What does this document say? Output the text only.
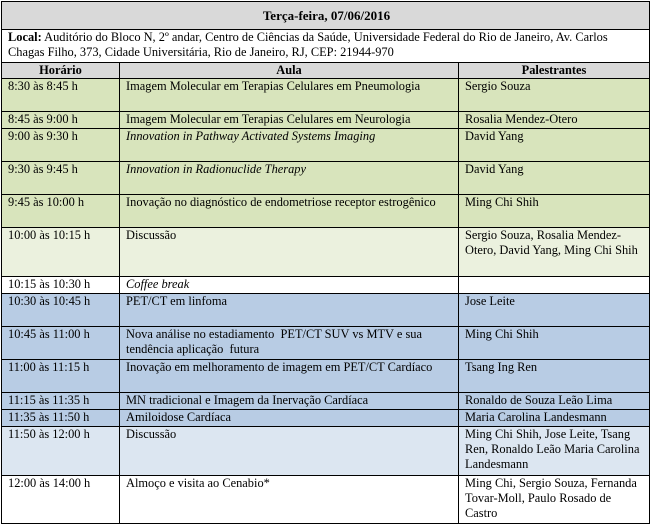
Terça-feira, 07/06/2016		
Local: Auditório do Bloco N, 2º andar, Centro de Ciências da Saúde, Universidade Federal do Rio de Janeiro, Av. Carlos Chagas Filho, 373, Cidade Universitária, Rio de Janeiro, RJ, CEP: 21944-970		
Horário	Aula	Palestrantes
8:30 às 8:45 h	Imagem Molecular em Terapias Celulares em Pneumologia	Sergio Souza
8:45 às 9:00 h	Imagem Molecular em Terapias Celulares em Neurologia	Rosalia Mendez-Otero
9:00 às 9:30 h	Innovation in Pathway Activated Systems Imaging	David Yang
9:30 às 9:45 h	Innovation in Radionuclide Therapy	David Yang
9:45 às 10:00 h	Inovação no diagnóstico de endometriose receptor estrogênico	Ming Chi Shih
10:00 às 10:15 h	Discussão	Sergio Souza, Rosalia Mendez-Otero, David Yang, Ming Chi Shih
10:15 às 10:30 h	Coffee break	
10:30 às 10:45 h	PET/CT em linfoma	Jose Leite
10:45 às 11:00 h	Nova análise no estadiamento  PET/CT SUV vs MTV e sua tendência aplicação  futura	Ming Chi Shih
11:00 às 11:15 h	Inovação em melhoramento de imagem em PET/CT Cardíaco	Tsang Ing Ren
11:15 às 11:35 h	MN tradicional e Imagem da Inervação Cardíaca	Ronaldo de Souza Leão Lima
11:35 às 11:50 h	Amiloidose Cardíaca	Maria Carolina Landesmann
11:50 às 12:00 h	Discussão	Ming Chi Shih, Jose Leite, Tsang Ren, Ronaldo Leão Maria Carolina Landesmann
12:00 às 14:00 h	Almoço e visita ao Cenabio*	Ming Chi, Sergio Souza, Fernanda Tovar-Moll, Paulo Rosado de Castro
